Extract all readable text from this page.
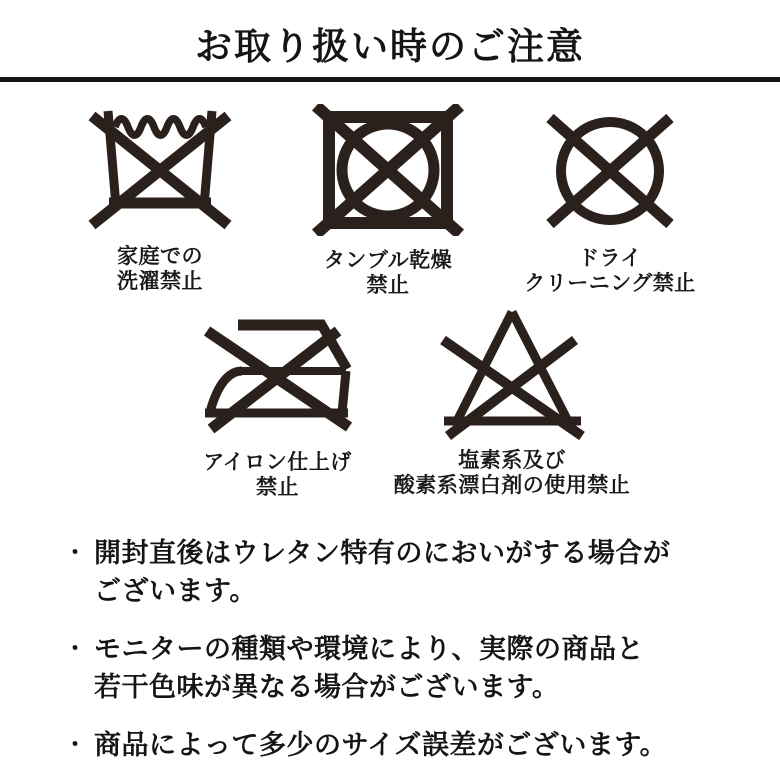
お取り扱い時のご注意
家庭での
洗濯禁止
タンブル乾燥
禁止
ドライ
クリーニング禁止
アイロン仕上げ
禁止
塩素系及び
酸素系漂白剤の使用禁止
・ 開封直後はウレタン特有のにおいがする場合が
ございます。
・ モニターの種類や環境により、実際の商品と
若干色味が異なる場合がございます。
・ 商品によって多少のサイズ誤差がございます。
